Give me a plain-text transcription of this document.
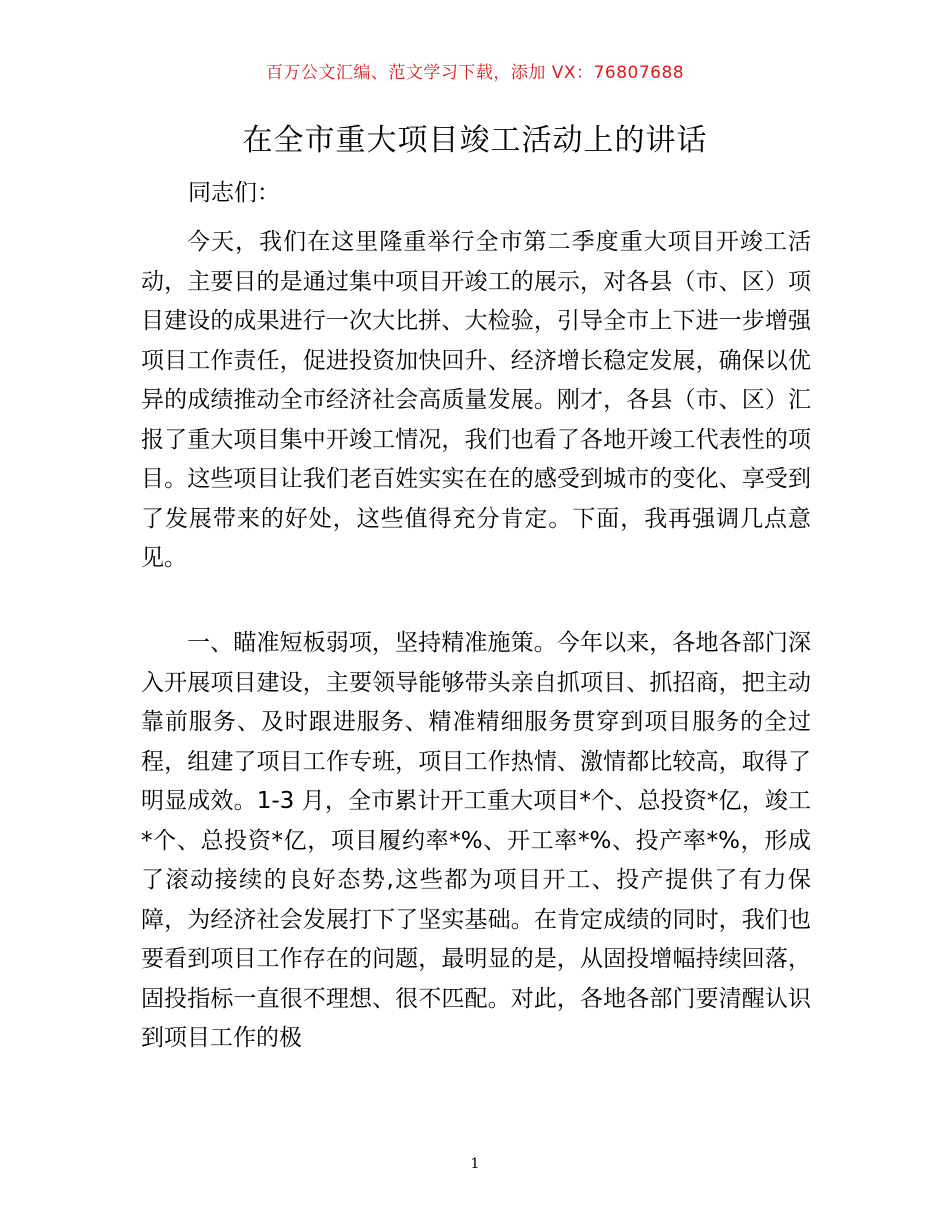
百万公文汇编、范文学习下载，添加 VX：76807688
在全市重大项目竣工活动上的讲话
同志们：

今天，我们在这里隆重举行全市第二季度重大项目开竣工活动，主要目的是通过集中项目开竣工的展示，对各县（市、区）项目建设的成果进行一次大比拼、大检验，引导全市上下进一步增强项目工作责任，促进投资加快回升、经济增长稳定发展，确保以优异的成绩推动全市经济社会高质量发展。刚才，各县（市、区）汇报了重大项目集中开竣工情况，我们也看了各地开竣工代表性的项目。这些项目让我们老百姓实实在在的感受到城市的变化、享受到了发展带来的好处，这些值得充分肯定。下面，我再强调几点意见。

一、瞄准短板弱项，坚持精准施策。今年以来，各地各部门深入开展项目建设，主要领导能够带头亲自抓项目、抓招商，把主动靠前服务、及时跟进服务、精准精细服务贯穿到项目服务的全过程，组建了项目工作专班，项目工作热情、激情都比较高，取得了明显成效。1-3 月，全市累计开工重大项目*个、总投资*亿，竣工*个、总投资*亿，项目履约率*%、开工率*%、投产率*%，形成了滚动接续的良好态势,这些都为项目开工、投产提供了有力保障，为经济社会发展打下了坚实基础。在肯定成绩的同时，我们也要看到项目工作存在的问题，最明显的是，从固投增幅持续回落，固投指标一直很不理想、很不匹配。对此，各地各部门要清醒认识到项目工作的极

1
